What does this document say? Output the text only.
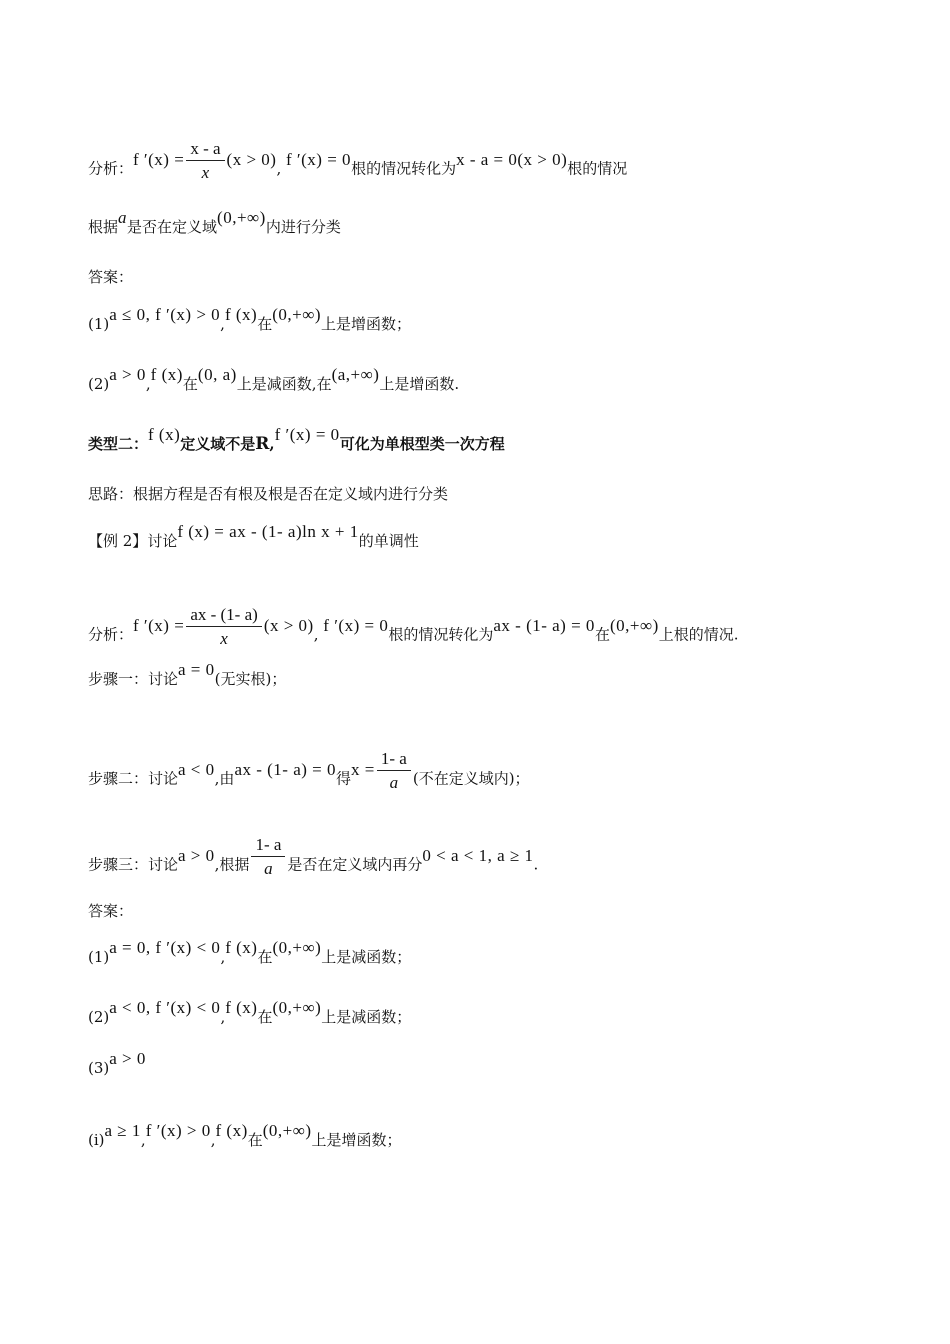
分析：f $'(x) = \frac{x - a}{x} (x > 0)$, f ′(x) = 0根的情况转化为x - a = 0(x > 0)根的情况
根据a是否在定义域(0,+∞)内进行分类
答案：
(1)a ≤ 0, f ′(x) > 0,f (x)在(0,+∞)上是增函数；
(2)a > 0,f (x)在(0, a)上是减函数,在(a,+∞)上是增函数.
类型二：f (x)定义域不是R,f ′(x) = 0可化为单根型类一次方程
思路：根据方程是否有根及根是否在定义域内进行分类
【例 2】讨论f (x) = ax - (1- a)ln x + 1的单调性
分析：f $'(x) = \frac{ax - (1- a)}{x} (x > 0)$, f ′(x) = 0根的情况转化为ax - (1- a) = 0在(0,+∞)上根的情况.
步骤一：讨论a = 0(无实根)；
步骤二：讨论a < 0,由ax - (1- a) = 0得$x = \frac{1- a}{a}$ (不在定义域内)；
步骤三：讨论a > 0,根据 $\frac{1- a}{a}$ 是否在定义域内再分0 < a < 1, a ≥ 1.
答案：
(1)a = 0, f ′(x) < 0,f (x)在(0,+∞)上是减函数；
(2)a < 0, f ′(x) < 0,f (x)在(0,+∞)上是减函数；
(3)a > 0
(i)a ≥ 1,f ′(x) > 0,f (x)在(0,+∞)上是增函数；
